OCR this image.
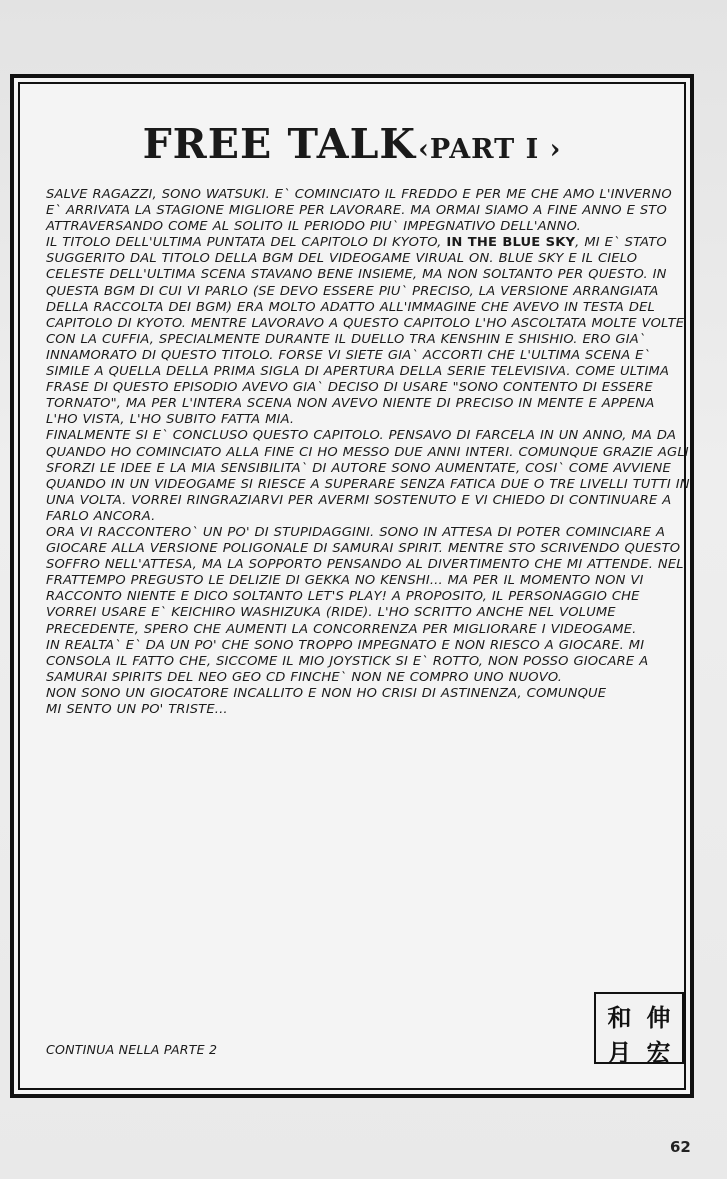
FREE TALK‹PART I ›

SALVE RAGAZZI, SONO WATSUKI. E` COMINCIATO IL FREDDO E PER ME CHE AMO L'INVERNO E` ARRIVATA LA STAGIONE MIGLIORE PER LAVORARE. MA ORMAI SIAMO A FINE ANNO E STO ATTRAVERSANDO COME AL SOLITO IL PERIODO PIU` IMPEGNATIVO DELL'ANNO.

IL TITOLO DELL'ULTIMA PUNTATA DEL CAPITOLO DI KYOTO, IN THE BLUE SKY, MI E` STATO SUGGERITO DAL TITOLO DELLA BGM DEL VIDEOGAME VIRUAL ON. BLUE SKY E IL CIELO CELESTE DELL'ULTIMA SCENA STAVANO BENE INSIEME, MA NON SOLTANTO PER QUESTO. IN QUESTA BGM DI CUI VI PARLO (SE DEVO ESSERE PIU` PRECISO, LA VERSIONE ARRANGIATA DELLA RACCOLTA DEI BGM) ERA MOLTO ADATTO ALL'IMMAGINE CHE AVEVO IN TESTA DEL CAPITOLO DI KYOTO. MENTRE LAVORAVO A QUESTO CAPITOLO L'HO ASCOLTATA MOLTE VOLTE CON LA CUFFIA, SPECIALMENTE DURANTE IL DUELLO TRA KENSHIN E SHISHIO. ERO GIA` INNAMORATO DI QUESTO TITOLO. FORSE VI SIETE GIA` ACCORTI CHE L'ULTIMA SCENA E` SIMILE A QUELLA DELLA PRIMA SIGLA DI APERTURA DELLA SERIE TELEVISIVA. COME ULTIMA FRASE DI QUESTO EPISODIO AVEVO GIA` DECISO DI USARE "SONO CONTENTO DI ESSERE TORNATO", MA PER L'INTERA SCENA NON AVEVO NIENTE DI PRECISO IN MENTE E APPENA L'HO VISTA, L'HO SUBITO FATTA MIA.

FINALMENTE SI E` CONCLUSO QUESTO CAPITOLO. PENSAVO DI FARCELA IN UN ANNO, MA DA QUANDO HO COMINCIATO ALLA FINE CI HO MESSO DUE ANNI INTERI. COMUNQUE GRAZIE AGLI SFORZI LE IDEE E LA MIA SENSIBILITA` DI AUTORE SONO AUMENTATE, COSI` COME AVVIENE QUANDO IN UN VIDEOGAME SI RIESCE A SUPERARE SENZA FATICA DUE O TRE LIVELLI TUTTI IN UNA VOLTA. VORREI RINGRAZIARVI PER AVERMI SOSTENUTO E VI CHIEDO DI CONTINUARE A FARLO ANCORA.

ORA VI RACCONTERO` UN PO' DI STUPIDAGGINI. SONO IN ATTESA DI POTER COMINCIARE A GIOCARE ALLA VERSIONE POLIGONALE DI SAMURAI SPIRIT. MENTRE STO SCRIVENDO QUESTO SOFFRO NELL'ATTESA, MA LA SOPPORTO PENSANDO AL DIVERTIMENTO CHE MI ATTENDE. NEL FRATTEMPO PREGUSTO LE DELIZIE DI GEKKA NO KENSHI... MA PER IL MOMENTO NON VI RACCONTO NIENTE E DICO SOLTANTO LET'S PLAY! A PROPOSITO, IL PERSONAGGIO CHE VORREI USARE E` KEICHIRO WASHIZUKA (RIDE). L'HO SCRITTO ANCHE NEL VOLUME PRECEDENTE, SPERO CHE AUMENTI LA CONCORRENZA PER MIGLIORARE I VIDEOGAME.

IN REALTA` E` DA UN PO' CHE SONO TROPPO IMPEGNATO E NON RIESCO A GIOCARE. MI CONSOLA IL FATTO CHE, SICCOME IL MIO JOYSTICK SI E` ROTTO, NON POSSO GIOCARE A SAMURAI SPIRITS DEL NEO GEO CD FINCHE` NON NE COMPRO UNO NUOVO.

NON SONO UN GIOCATORE INCALLITO E NON HO CRISI DI ASTINENZA, COMUNQUE MI SENTO UN PO' TRISTE...

CONTINUA NELLA PARTE 2
和 伸
月 宏
62
